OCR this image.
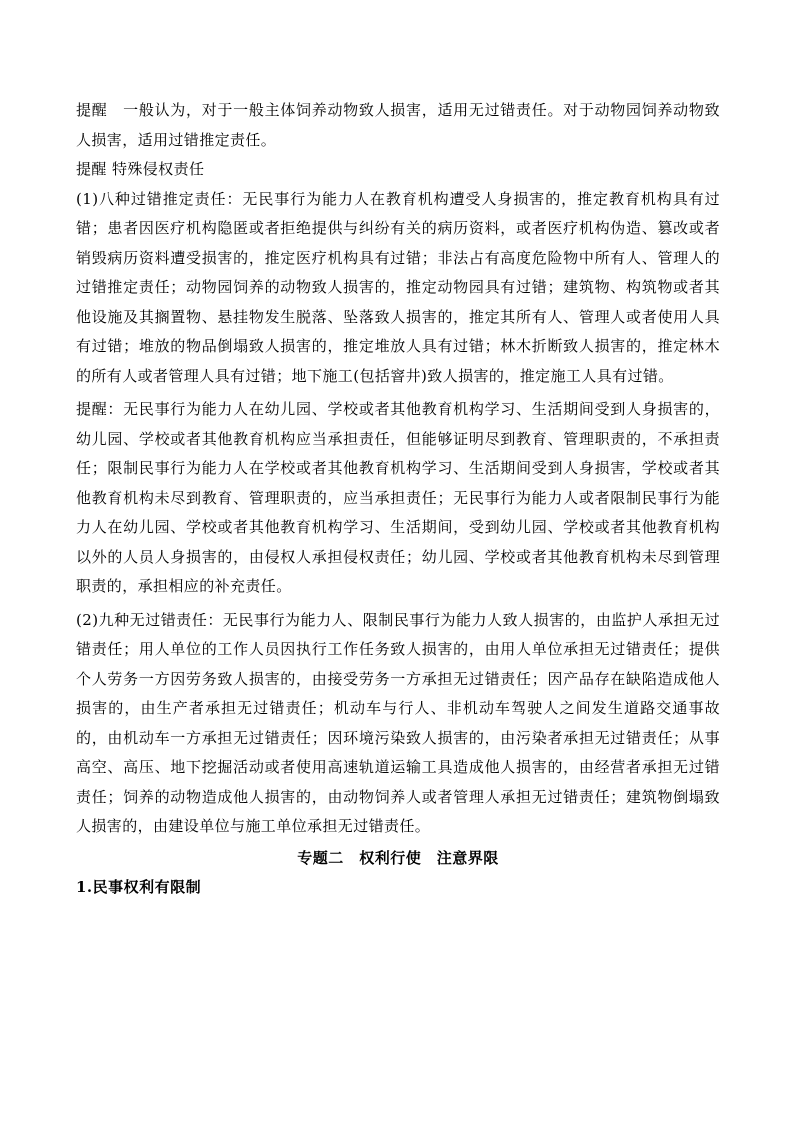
提醒　一般认为，对于一般主体饲养动物致人损害，适用无过错责任。对于动物园饲养动物致人损害，适用过错推定责任。

提醒 特殊侵权责任

(1)八种过错推定责任：无民事行为能力人在教育机构遭受人身损害的，推定教育机构具有过错；患者因医疗机构隐匿或者拒绝提供与纠纷有关的病历资料，或者医疗机构伪造、篡改或者销毁病历资料遭受损害的，推定医疗机构具有过错；非法占有高度危险物中所有人、管理人的过错推定责任；动物园饲养的动物致人损害的，推定动物园具有过错；建筑物、构筑物或者其他设施及其搁置物、悬挂物发生脱落、坠落致人损害的，推定其所有人、管理人或者使用人具有过错；堆放的物品倒塌致人损害的，推定堆放人具有过错；林木折断致人损害的，推定林木的所有人或者管理人具有过错；地下施工(包括窨井)致人损害的，推定施工人具有过错。

提醒：无民事行为能力人在幼儿园、学校或者其他教育机构学习、生活期间受到人身损害的，幼儿园、学校或者其他教育机构应当承担责任，但能够证明尽到教育、管理职责的，不承担责任；限制民事行为能力人在学校或者其他教育机构学习、生活期间受到人身损害，学校或者其他教育机构未尽到教育、管理职责的，应当承担责任；无民事行为能力人或者限制民事行为能力人在幼儿园、学校或者其他教育机构学习、生活期间，受到幼儿园、学校或者其他教育机构以外的人员人身损害的，由侵权人承担侵权责任；幼儿园、学校或者其他教育机构未尽到管理职责的，承担相应的补充责任。

(2)九种无过错责任：无民事行为能力人、限制民事行为能力人致人损害的，由监护人承担无过错责任；用人单位的工作人员因执行工作任务致人损害的，由用人单位承担无过错责任；提供个人劳务一方因劳务致人损害的，由接受劳务一方承担无过错责任；因产品存在缺陷造成他人损害的，由生产者承担无过错责任；机动车与行人、非机动车驾驶人之间发生道路交通事故的，由机动车一方承担无过错责任；因环境污染致人损害的，由污染者承担无过错责任；从事高空、高压、地下挖掘活动或者使用高速轨道运输工具造成他人损害的，由经营者承担无过错责任；饲养的动物造成他人损害的，由动物饲养人或者管理人承担无过错责任；建筑物倒塌致人损害的，由建设单位与施工单位承担无过错责任。

专题二　权利行使　注意界限

1.民事权利有限制
